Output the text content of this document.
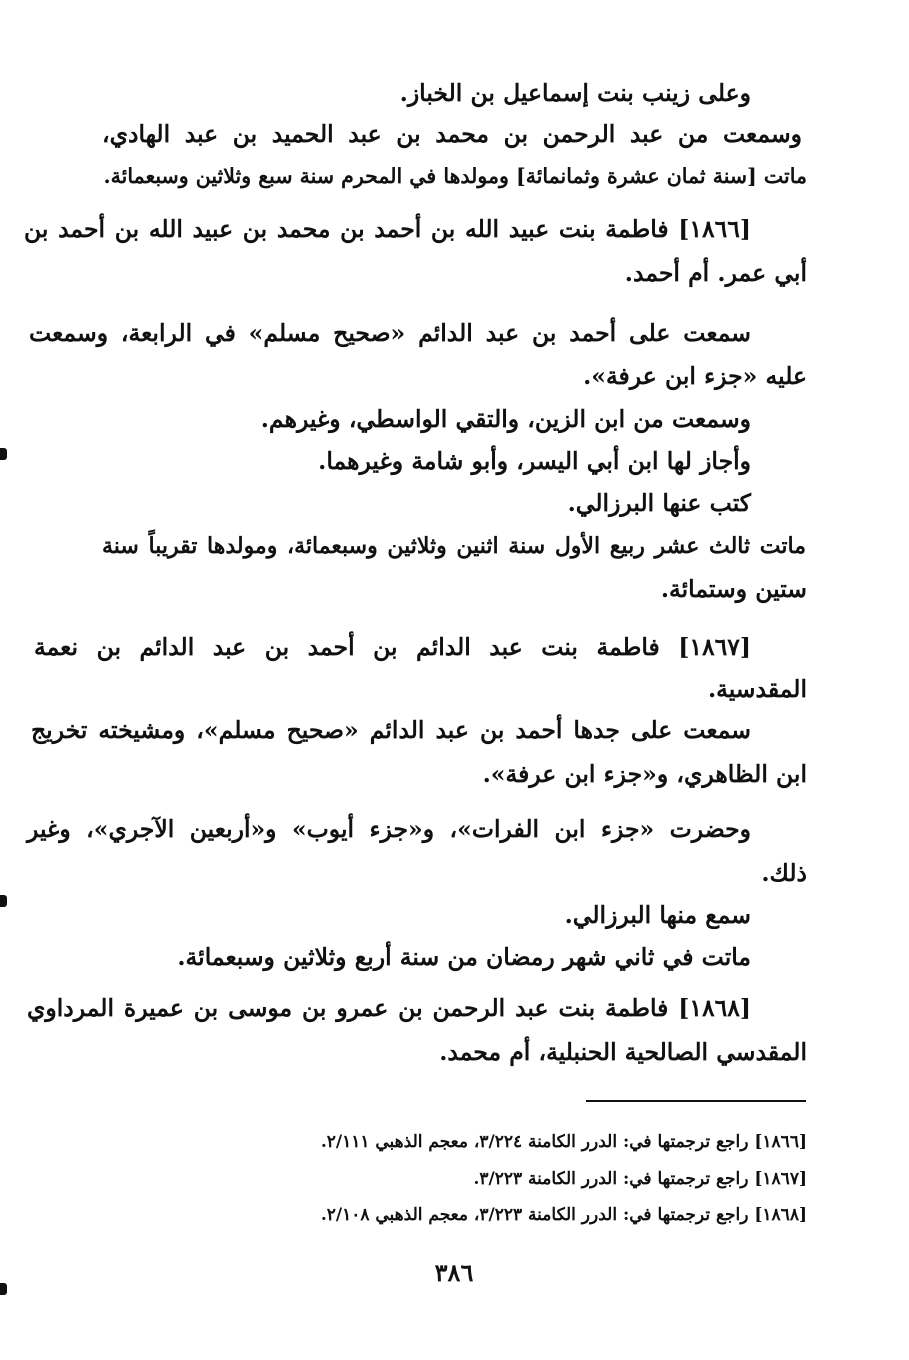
وعلى زينب بنت إسماعيل بن الخباز.

وسمعت من عبد الرحمن بن محمد بن عبد الحميد بن عبد الهادي،

ماتت [سنة ثمان عشرة وثمانمائة] ومولدها في المحرم سنة سبع وثلاثين وسبعمائة.

[١٨٦٦] فاطمة بنت عبيد الله بن أحمد بن محمد بن عبيد الله بن أحمد بن

أبي عمر. أم أحمد.

سمعت على أحمد بن عبد الدائم «صحيح مسلم» في الرابعة، وسمعت

عليه «جزء ابن عرفة».

وسمعت من ابن الزين، والتقي الواسطي، وغيرهم.

وأجاز لها ابن أبي اليسر، وأبو شامة وغيرهما.

كتب عنها البرزالي.

ماتت ثالث عشر ربيع الأول سنة اثنين وثلاثين وسبعمائة، ومولدها تقريباً سنة

ستين وستمائة.

[١٨٦٧] فاطمة بنت عبد الدائم بن أحمد بن عبد الدائم بن نعمة

المقدسية.

سمعت على جدها أحمد بن عبد الدائم «صحيح مسلم»، ومشيخته تخريج

ابن الظاهري، و«جزء ابن عرفة».

وحضرت «جزء ابن الفرات»، و«جزء أيوب» و«أربعين الآجري»، وغير

ذلك.

سمع منها البرزالي.

ماتت في ثاني شهر رمضان من سنة أربع وثلاثين وسبعمائة.

[١٨٦٨] فاطمة بنت عبد الرحمن بن عمرو بن موسى بن عميرة المرداوي

المقدسي الصالحية الحنبلية، أم محمد.

[١٨٦٦] راجع ترجمتها في: الدرر الكامنة ٣/٢٢٤، معجم الذهبي ٢/١١١.

[١٨٦٧] راجع ترجمتها في: الدرر الكامنة ٣/٢٢٣.

[١٨٦٨] راجع ترجمتها في: الدرر الكامنة ٣/٢٢٣، معجم الذهبي ٢/١٠٨.

٣٨٦
